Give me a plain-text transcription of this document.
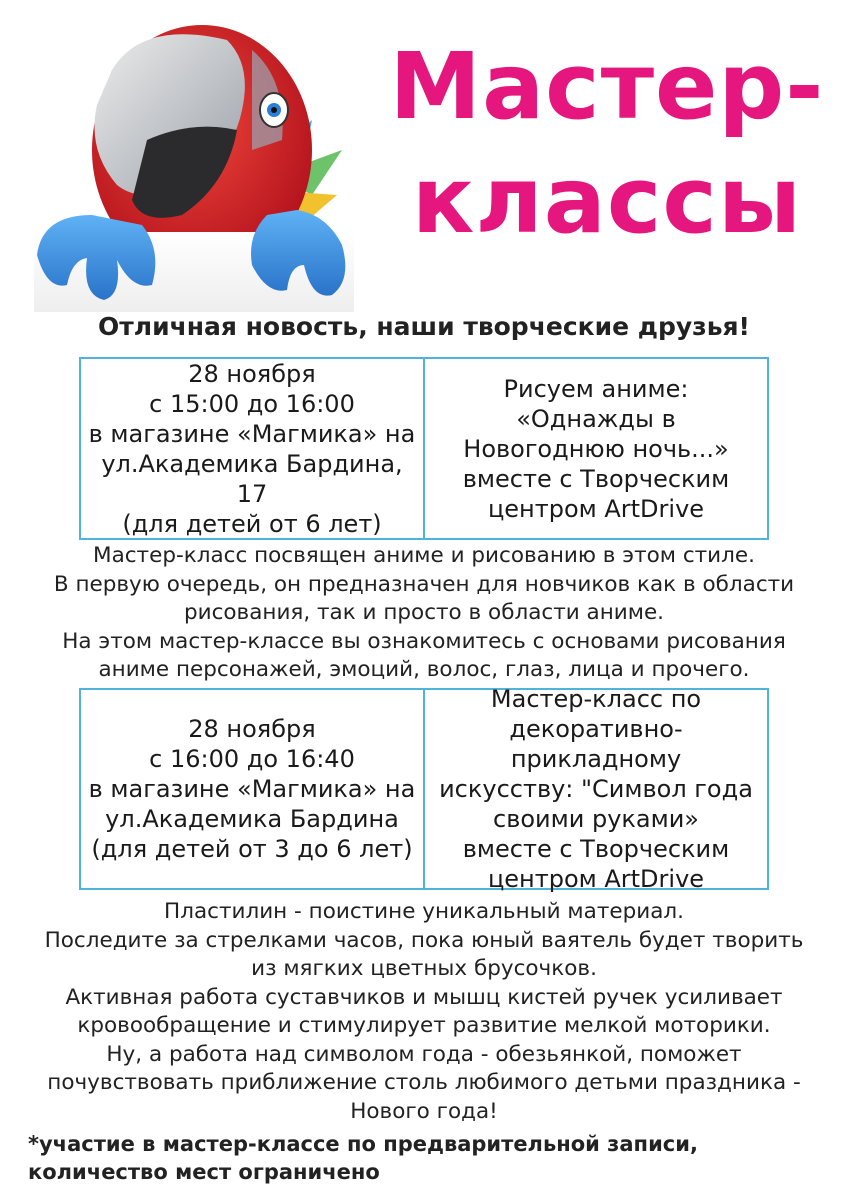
Мастер-
классы
Отличная новость, наши творческие друзья!
28 ноября
с 15:00 до 16:00
в магазине «Магмика» на
ул.Академика Бардина, 17
(для детей от 6 лет)
Рисуем аниме: «Однажды в
Новогоднюю ночь...»
вместе с Творческим
центром ArtDrive
Мастер-класс посвящен аниме и рисованию в этом стиле.
В первую очередь, он предназначен для новчиков как в области
рисования, так и просто в области аниме.
На этом мастер-классе вы ознакомитесь с основами рисования
аниме персонажей, эмоций, волос, глаз, лица и прочего.
28 ноября
с 16:00 до 16:40
в магазине «Магмика» на
ул.Академика Бардина
(для детей от 3 до 6 лет)
Мастер-класс по
декоративно-прикладному
искусству: "Символ года
своими руками»
вместе с Творческим
центром ArtDrive
Пластилин - поистине уникальный материал.
Последите за стрелками часов, пока юный ваятель будет творить
из мягких цветных брусочков.
Активная работа суставчиков и мышц кистей ручек усиливает
кровообращение и стимулирует развитие мелкой моторики.
Ну, а работа над символом года - обезьянкой, поможет
почувствовать приближение столь любимого детьми праздника -
Нового года!
*участие в мастер-классе по предварительной записи,
количество мест ограничено
